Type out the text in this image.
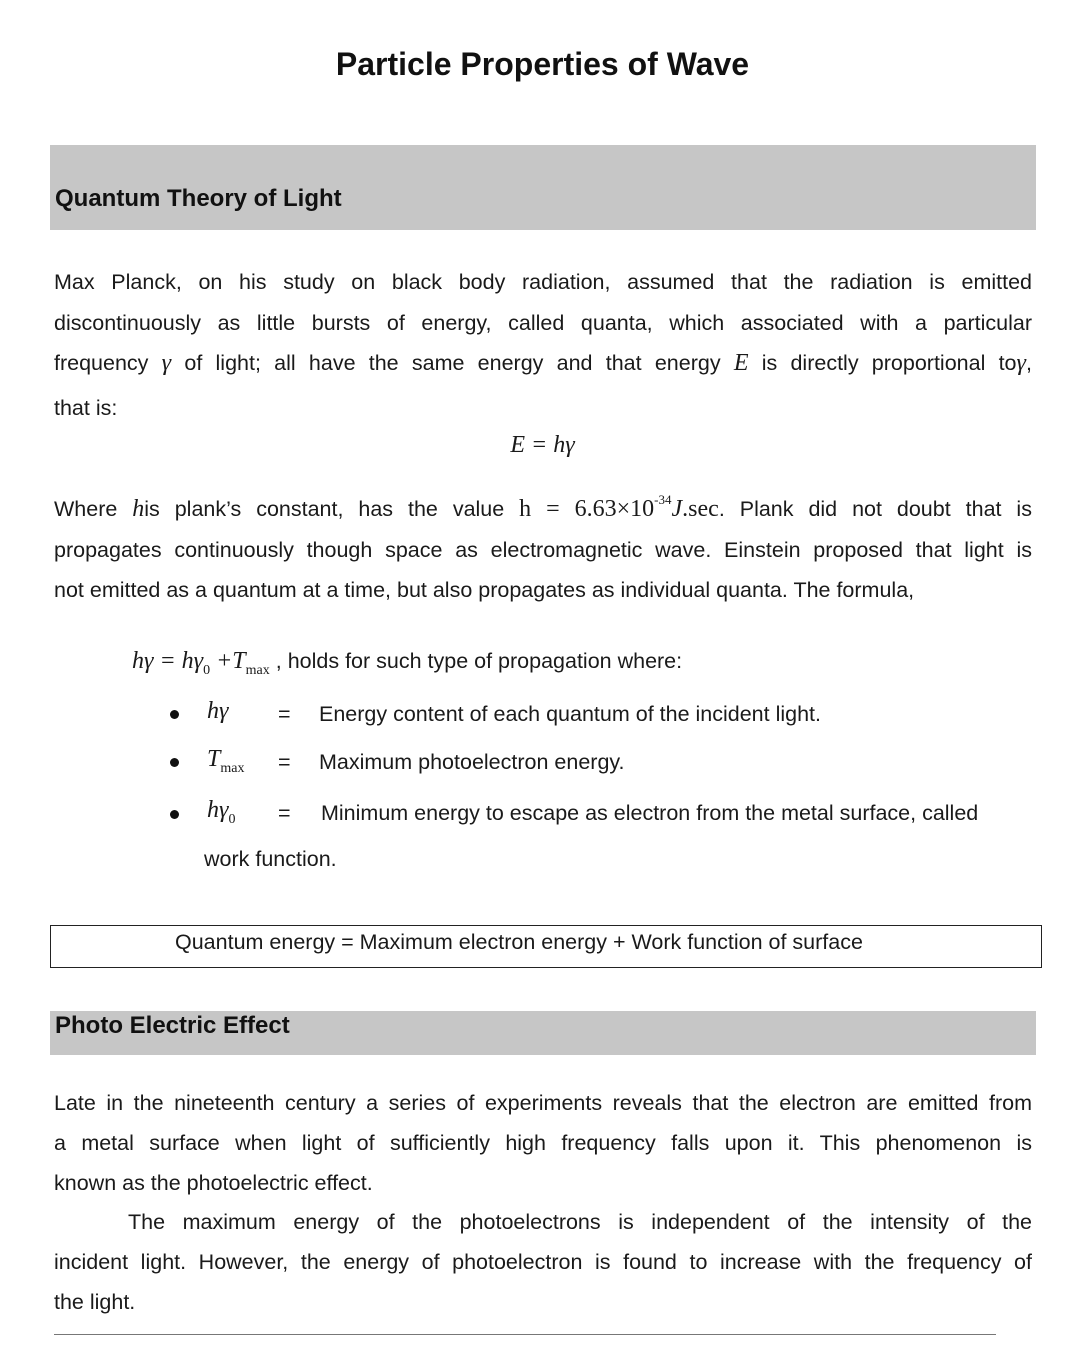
Particle Properties of Wave
Quantum Theory of Light
Max Planck, on his study on black body radiation, assumed that the radiation is emitted
discontinuously as little bursts of energy, called quanta, which associated with a particular
frequency γ of light; all have the same energy and that energy E is directly proportional toγ,
that is:
E = hγ
Where his plank’s constant, has the value $h = 6.63\times 10^{-34}J.\sec$. Plank did not doubt that is
propagates continuously though space as electromagnetic wave. Einstein proposed that light is
not emitted as a quantum at a time, but also propagates as individual quanta. The formula,
$h\gamma = h\gamma_0 +T_{max}$ , holds for such type of propagation where:
hγ = Energy content of each quantum of the incident light.
Tmax = Maximum photoelectron energy.
hγ0 = Minimum energy to escape as electron from the metal surface, called
work function.
Quantum energy = Maximum electron energy + Work function of surface
Photo Electric Effect
Late in the nineteenth century a series of experiments reveals that the electron are emitted from
a metal surface when light of sufficiently high frequency falls upon it. This phenomenon is
known as the photoelectric effect.
The maximum energy of the photoelectrons is independent of the intensity of the
incident light. However, the energy of photoelectron is found to increase with the frequency of
the light.
